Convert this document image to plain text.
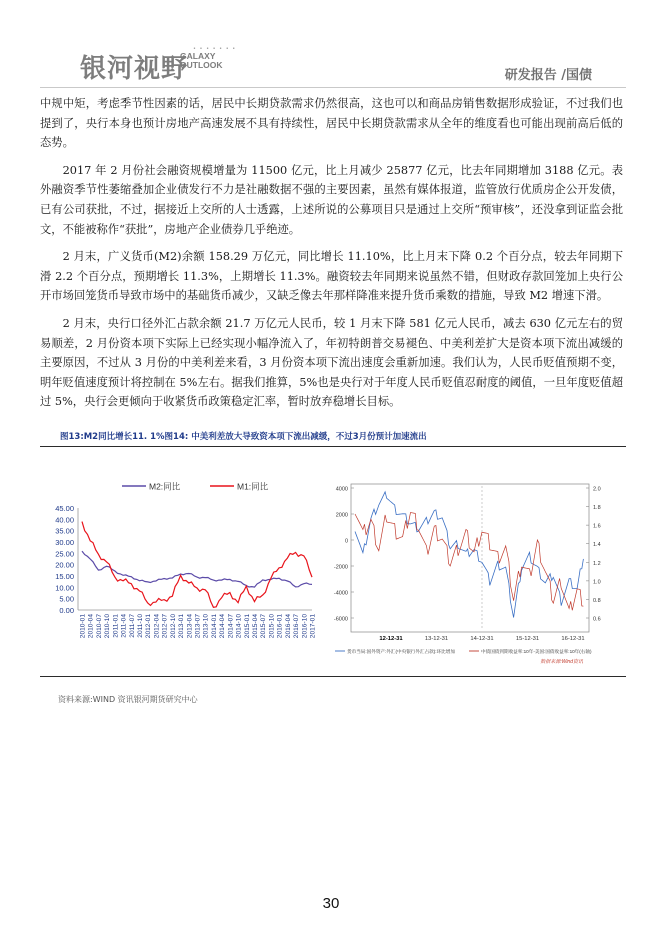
银河视野
• • • • • • •
GALAXY
OUTLOOK
研发报告 /国债

中规中矩，考虑季节性因素的话，居民中长期贷款需求仍然很高，这也可以和商品房销售数据形成验证，不过我们也提到了，央行本身也预计房地产高速发展不具有持续性，居民中长期贷款需求从全年的维度看也可能出现前高后低的态势。

2017 年 2 月份社会融资规模增量为 11500 亿元，比上月减少 25877 亿元，比去年同期增加 3188 亿元。表外融资季节性萎缩叠加企业债发行不力是社融数据不强的主要因素，虽然有媒体报道，监管放行优质房企公开发债，已有公司获批，不过，据接近上交所的人士透露，上述所说的公募项目只是通过上交所“预审核”，还没拿到证监会批文，不能被称作“获批”，房地产企业债券几乎绝迹。

2 月末，广义货币(M2)余额 158.29 万亿元，同比增长 11.10%，比上月末下降 0.2 个百分点，较去年同期下滑 2.2 个百分点，预期增长 11.3%，上期增长 11.3%。融资较去年同期来说虽然不错，但财政存款回笼加上央行公开市场回笼货币导致市场中的基础货币减少，又缺乏像去年那样降准来提升货币乘数的措施，导致 M2 增速下滑。

2 月末，央行口径外汇占款余额 21.7 万亿元人民币，较 1 月末下降 581 亿元人民币，减去 630 亿元左右的贸易顺差，2 月份资本项下实际上已经实现小幅净流入了，年初特朗普交易褪色、中美利差扩大是资本项下流出减缓的主要原因，不过从 3 月份的中美利差来看，3 月份资本项下流出速度会重新加速。我们认为，人民币贬值预期不变，明年贬值速度预计将控制在 5%左右。据我们推算，5%也是央行对于年度人民币贬值忍耐度的阈值，一旦年度贬值超过 5%，央行会更倾向于收紧货币政策稳定汇率，暂时放弃稳增长目标。

图13:M2同比增长11. 1%图14: 中美利差放大导致资本项下流出减缓，不过3月份预计加速流出
M2:同比	M1:同比
45.00
40.00
35.00
30.00
25.00
20.00
15.00
10.00
5.00
0.00
2010-01 2010-04 2010-07 2010-10 2011-01 2011-04 2011-07 2011-10 2012-01 2012-04 2012-07 2012-10 2013-01 2013-04 2013-07 2013-10 2014-01 2014-04 2014-07 2014-10 2015-01 2015-04 2015-07 2015-10 2016-01 2016-04 2016-07 2016-10 2017-01
4000
2000
0
-2000
-4000
-6000
2.0
1.8
1.6
1.4
1.2
1.0
0.8
0.6
12-12-31	13-12-31	14-12-31	15-12-31	16-12-31
货币当局:国外资产:外汇(中央银行外汇占款):环比增加	中债国债到期收益率:10年-美国:国债收益率:10年(右轴)
数据来源:Wind资讯
资料来源:WIND 资讯银河期货研究中心
30
